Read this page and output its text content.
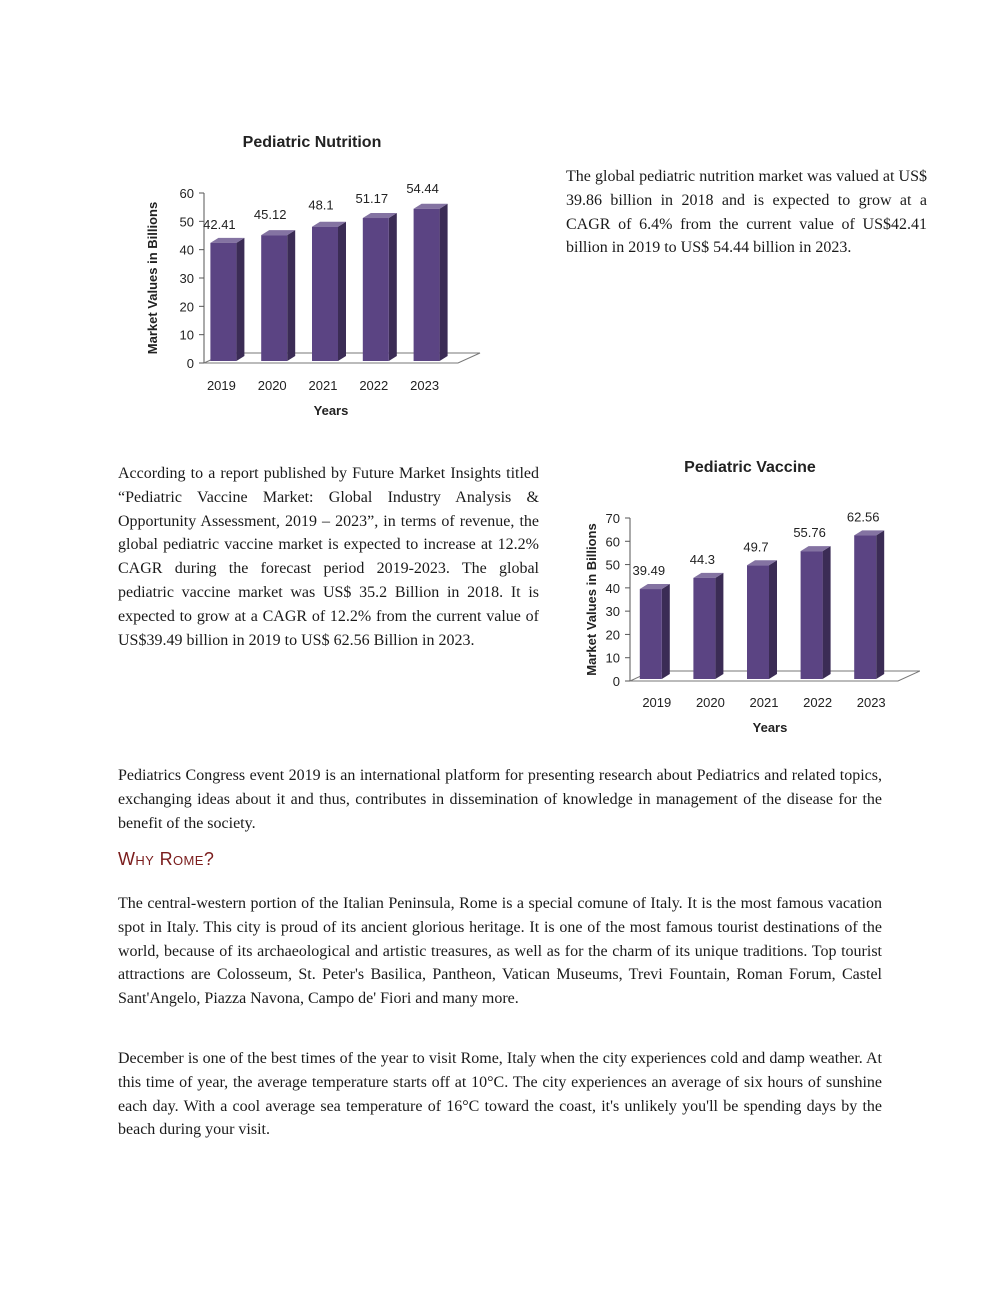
Pediatric Nutrition
Market Values in Billions
0
10
20
30
40
50
60
42.41
2019
45.12
2020
48.1
2021
51.17
2022
54.44
2023
Years

The global pediatric nutrition market was valued at US$ 39.86 billion in 2018 and is expected to grow at a CAGR of 6.4% from the current value of US$42.41 billion in 2019 to US$ 54.44 billion in 2023.

According to a report published by Future Market Insights titled “Pediatric Vaccine Market: Global Industry Analysis & Opportunity Assessment, 2019 – 2023”, in terms of revenue, the global pediatric vaccine market is expected to increase at 12.2% CAGR during the forecast period 2019-2023. The global pediatric vaccine market was US$ 35.2 Billion in 2018. It is expected to grow at a CAGR of 12.2% from the current value of US$39.49 billion in 2019 to US$ 62.56 Billion in 2023.

Pediatric Vaccine
Market Values in Billions
0
10
20
30
40
50
60
70
39.49
2019
44.3
2020
49.7
2021
55.76
2022
62.56
2023
Years

Pediatrics Congress event 2019 is an international platform for presenting research about Pediatrics and related topics, exchanging ideas about it and thus, contributes in dissemination of knowledge in management of the disease for the benefit of the society.

Why Rome?

The central-western portion of the Italian Peninsula, Rome is a special comune of Italy. It is the most famous vacation spot in Italy. This city is proud of its ancient glorious heritage. It is one of the most famous tourist destinations of the world, because of its archaeological and artistic treasures, as well as for the charm of its unique traditions. Top tourist attractions are Colosseum, St. Peter's Basilica, Pantheon, Vatican Museums, Trevi Fountain, Roman Forum, Castel Sant'Angelo, Piazza Navona, Campo de' Fiori and many more.

December is one of the best times of the year to visit Rome, Italy when the city experiences cold and damp weather. At this time of year, the average temperature starts off at 10°C. The city experiences an average of six hours of sunshine each day. With a cool average sea temperature of 16°C toward the coast, it's unlikely you'll be spending days by the beach during your visit.
